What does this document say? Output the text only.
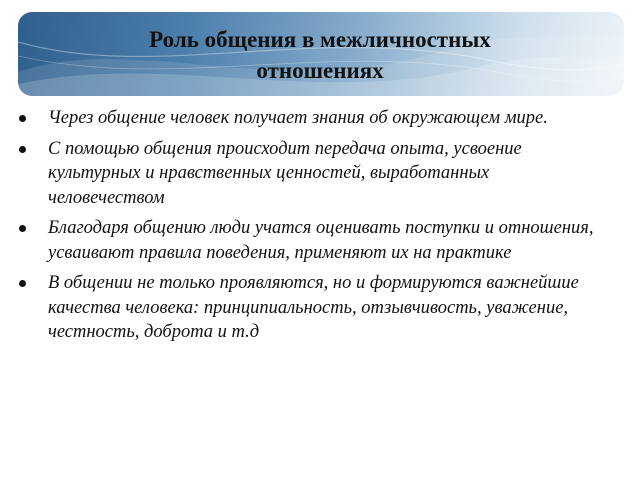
Роль общения в межличностных
отношениях
Через общение человек получает знания об окружающем мире.
С помощью общения происходит передача опыта, усвоение культурных и нравственных ценностей, выработанных человечеством
Благодаря общению люди учатся оценивать поступки и отношения, усваивают правила поведения, применяют их на практике
В общении не только проявляются, но и формируются важнейшие качества человека: принципиальность, отзывчивость, уважение, честность, доброта и т.д
